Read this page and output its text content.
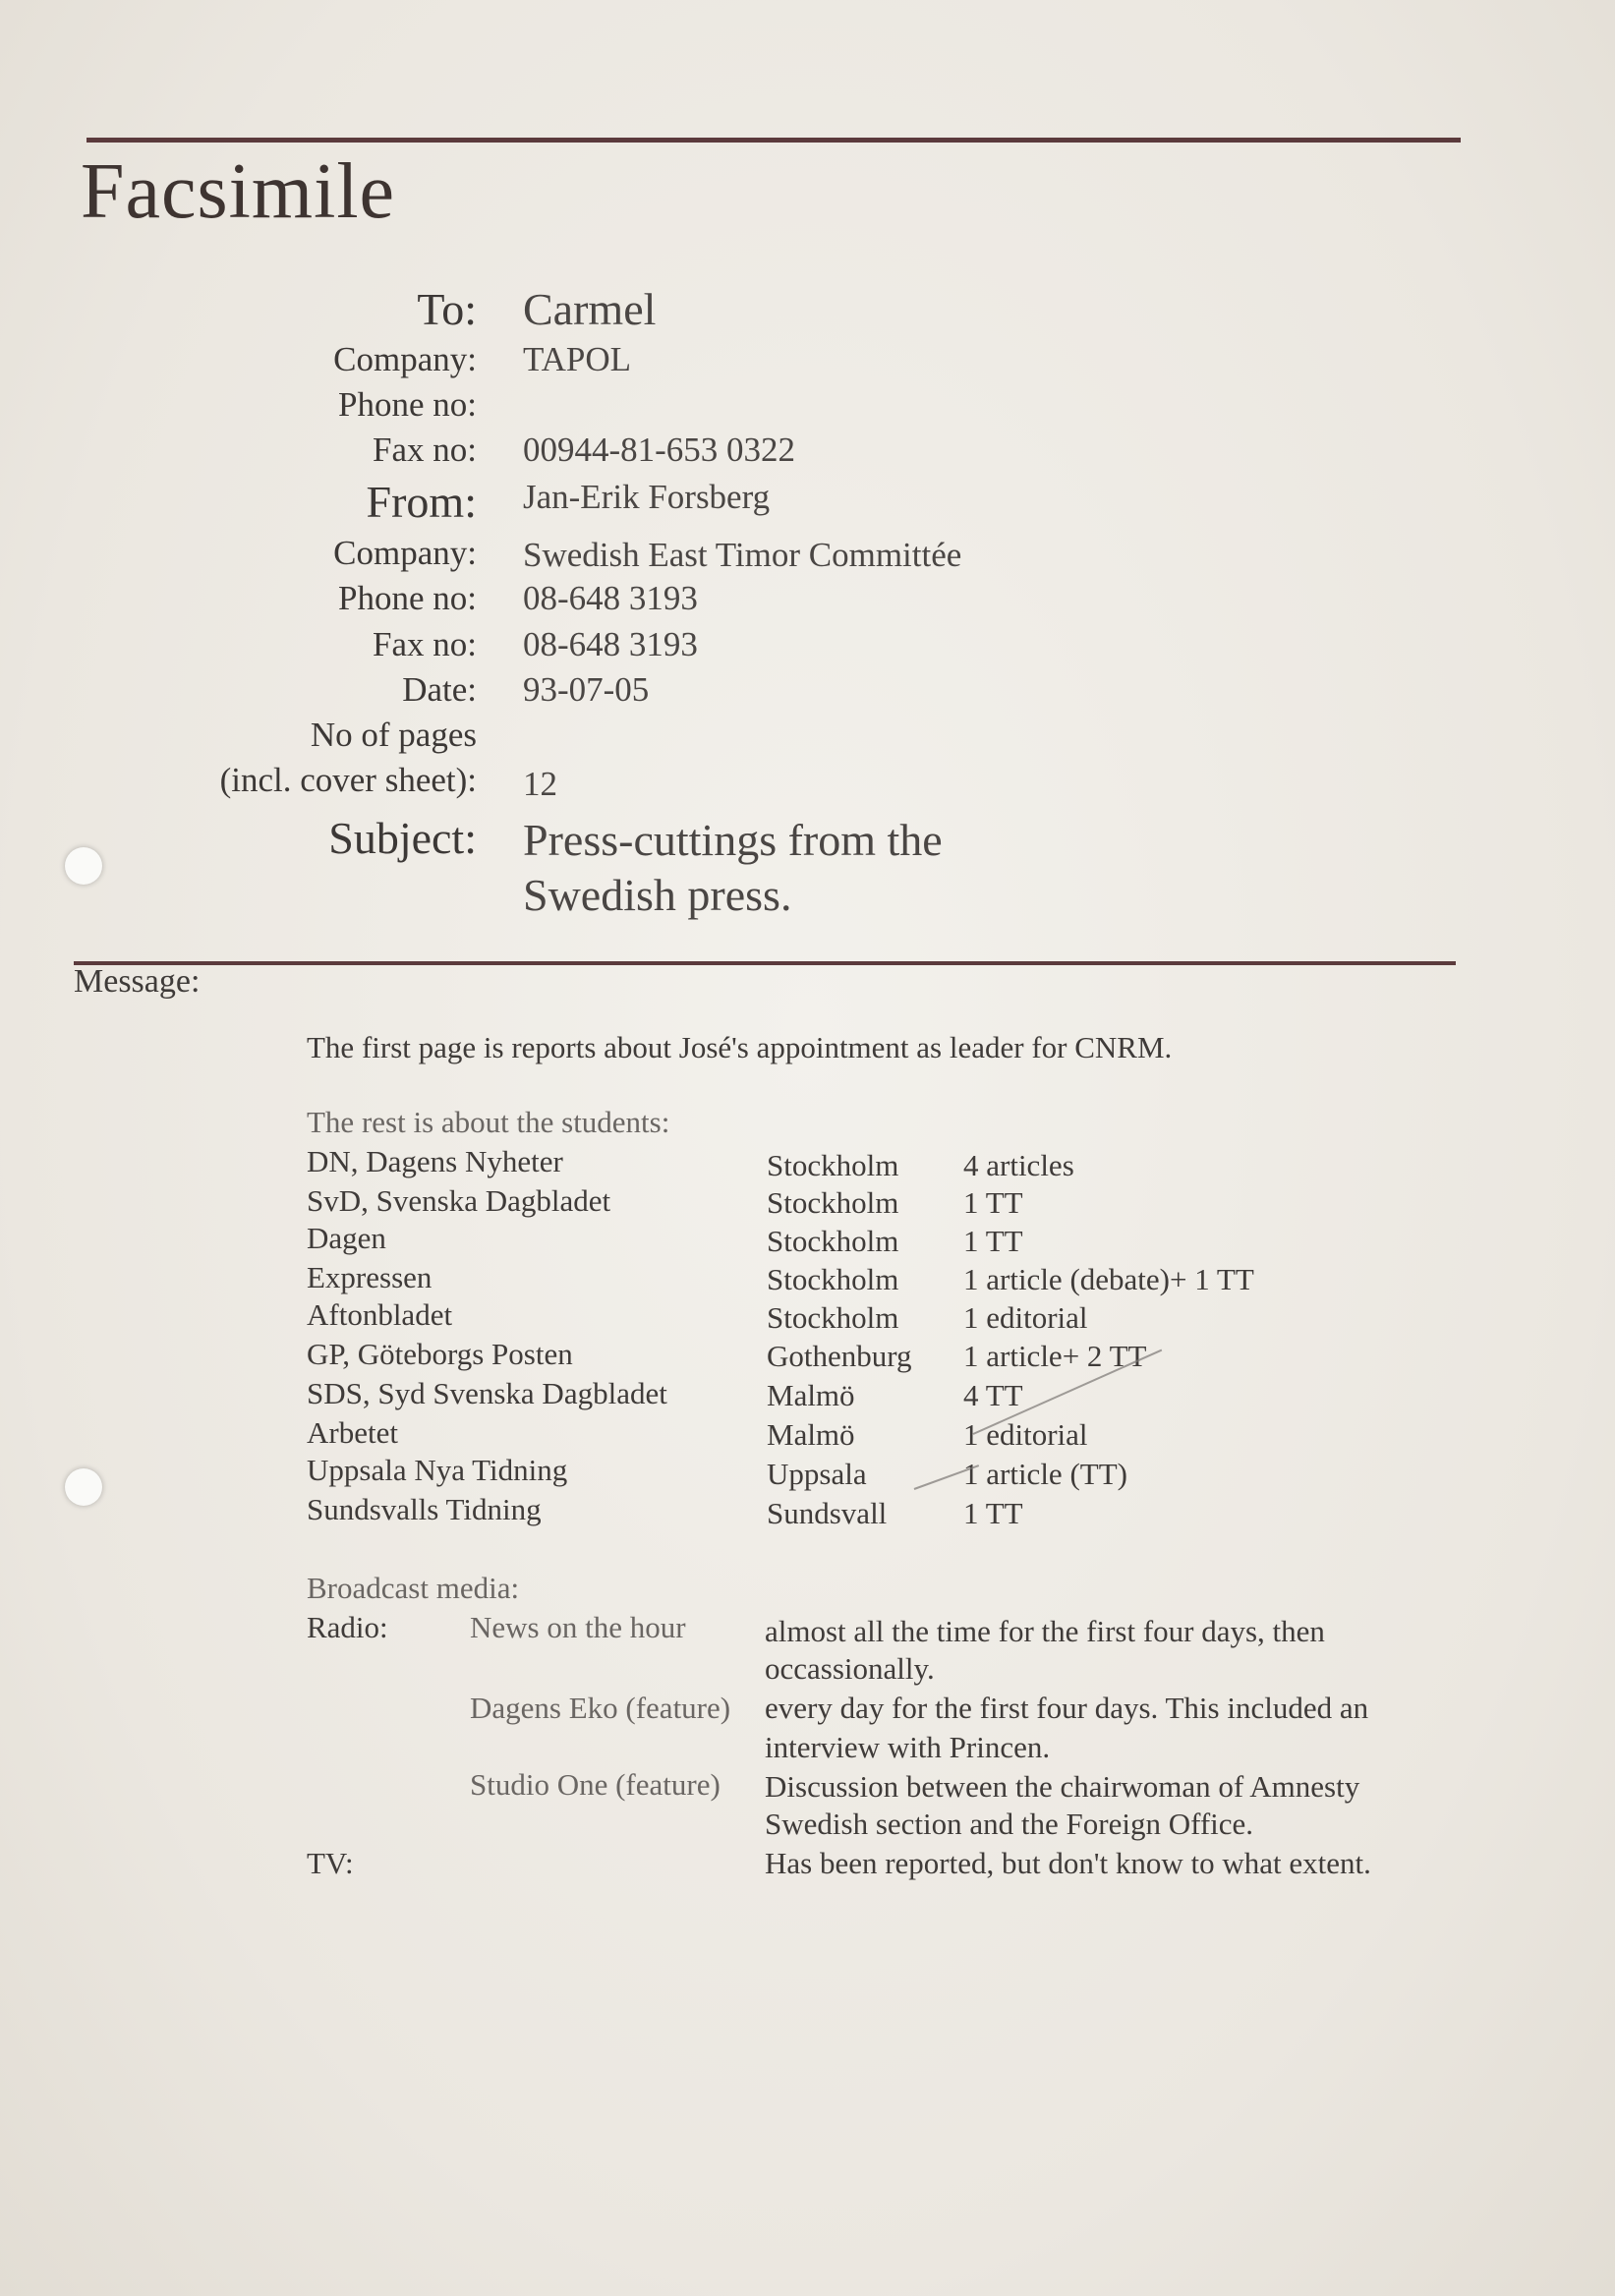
Facsimile
To: Carmel
Company: TAPOL
Phone no:
Fax no: 00944-81-653 0322
From: Jan-Erik Forsberg
Company: Swedish East Timor Committée
Phone no: 08-648 3193
Fax no: 08-648 3193
Date: 93-07-05
No of pages
(incl. cover sheet): 12
Subject: Press-cuttings from the
Swedish press.
Message:
The first page is reports about José's appointment as leader for CNRM.
The rest is about the students:
DN, Dagens Nyheter	Stockholm 4 articles
SvD, Svenska Dagbladet	Stockholm 1 TT
Dagen	Stockholm 1 TT
Expressen	Stockholm 1 article (debate)+ 1 TT
Aftonbladet	Stockholm 1 editorial
GP, Göteborgs Posten	Gothenburg 1 article+ 2 TT
SDS, Syd Svenska Dagbladet	Malmö	4 TT
Arbetet	Malmö	1 editorial
Uppsala Nya Tidning	Uppsala	1 article (TT)
Sundsvalls Tidning	Sundsvall	1 TT
Broadcast media:
Radio:	News on the hour	almost all the time for the first four days, then
occassionally.
Dagens Eko (feature) every day for the first four days. This included an
interview with Princen.
Studio One (feature) Discussion between the chairwoman of Amnesty
Swedish section and the Foreign Office.
TV:	Has been reported, but don't know to what extent.
